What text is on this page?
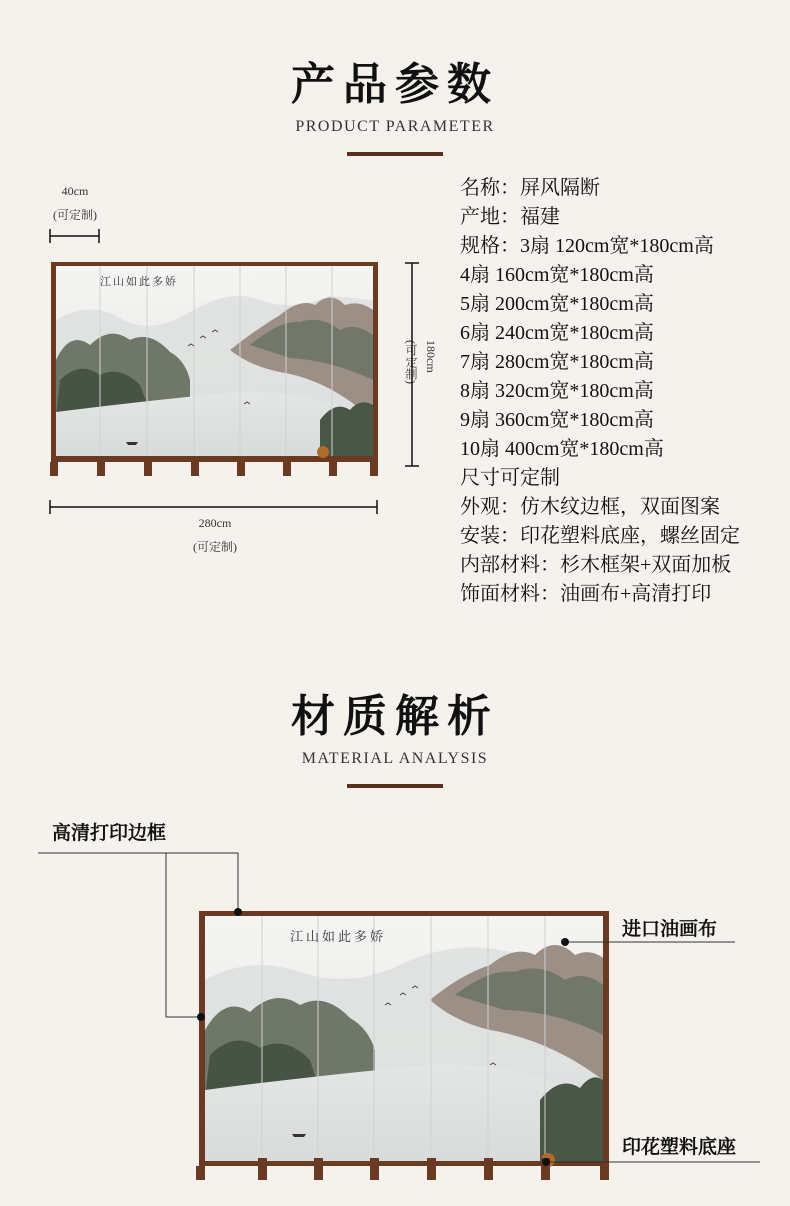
产品参数
PRODUCT PARAMETER
40cm
(可定制)
(可定制) 180cm
280cm
(可定制)
江山如此多娇
江山如此多娇
名称：屏风隔断
产地：福建
规格：3扇 120cm宽*180cm高
4扇 160cm宽*180cm高
5扇 200cm宽*180cm高
6扇 240cm宽*180cm高
7扇 280cm宽*180cm高
8扇 320cm宽*180cm高
9扇 360cm宽*180cm高
10扇 400cm宽*180cm高
尺寸可定制
外观：仿木纹边框，双面图案
安装：印花塑料底座，螺丝固定
内部材料：杉木框架+双面加板
饰面材料：油画布+高清打印
材质解析
MATERIAL ANALYSIS
高清打印边框
进口油画布
印花塑料底座
